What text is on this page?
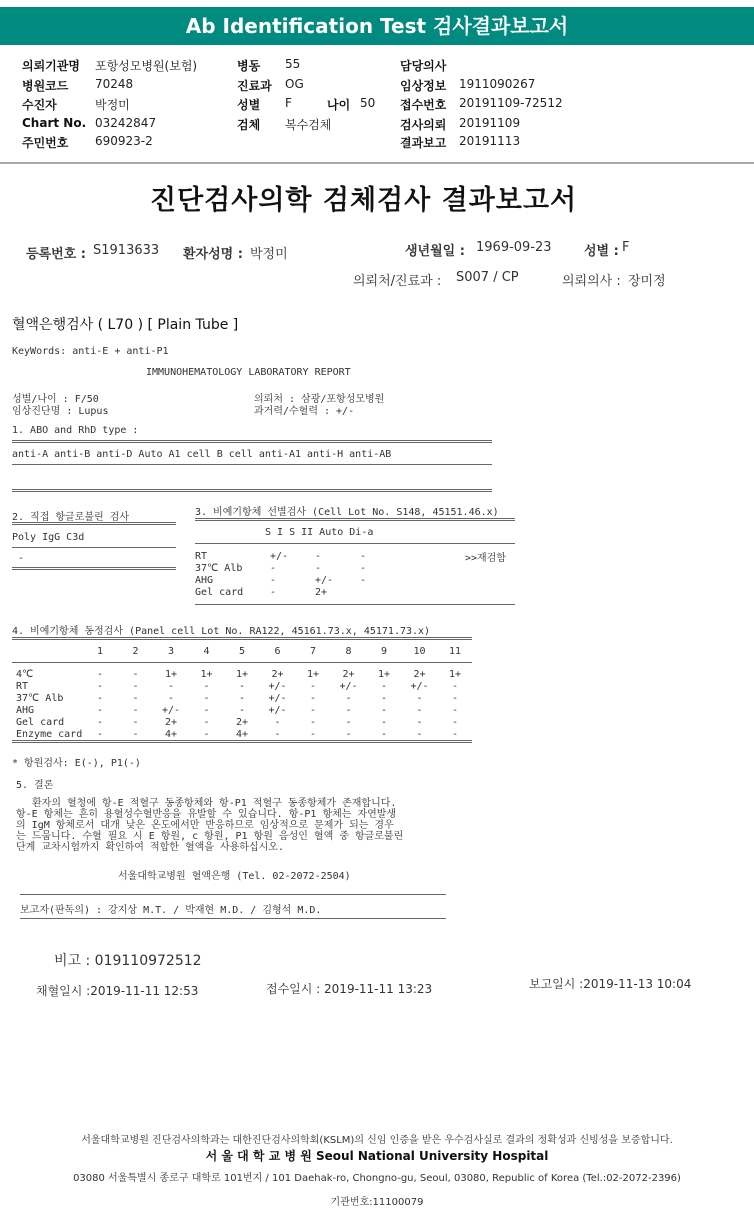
Ab Identification Test 검사결과보고서
의뢰기관명 포항성모병원(보험)
병원코드 70248
수진자	박정미
Chart No. 03242847
주민번호 690923-2
병동 55
진료과 OG
성별 F	나이 50
검체 복수검체
담당의사
임상정보 1911090267
접수번호 20191109-72512
검사의뢰 20191109
결과보고 20191113
진단검사의학 검체검사 결과보고서
등록번호 : S1913633 환자성명 : 박정미	생년월일 : 1969-09-23 성별 : F
의뢰처/진료과 : S007 / CP	의뢰의사 : 장미정
혈액은행검사 ( L70 ) [ Plain Tube ]
KeyWords: anti-E + anti-P1
IMMUNOHEMATOLOGY LABORATORY REPORT
성별/나이 : F/50
임상진단명 : Lupus
의뢰처 : 삼광/포항성모병원
과거력/수혈력 : +/-
1. ABO and RhD type :
anti-A anti-B anti-D Auto A1 cell B cell anti-A1 anti-H anti-AB
2. 직접 항글로불린 검사
Poly IgG C3d
-
3. 비예기항체 선별검사 (Cell Lot No. S148, 45151.46.x)
S I S II Auto Di-a
RT	+/-	-	-
37℃ Alb	-	-	-
AHG	-	+/-	-
Gel card	-	2+
>>재검함
4. 비예기항체 동정검사 (Panel cell Lot No. RA122, 45161.73.x, 45171.73.x)
1	2	3	4	5	6	7	8	9	10	11
4℃	-	-	1+	1+	1+	2+	1+	2+	1+	2+	1+
RT	-	-	-	-	-	+/-	-	+/-	-	+/-	-
37℃ Alb	-	-	-	-	-	+/-	-	-	-	-	-
AHG	-	-	+/-	-	-	+/-	-	-	-	-	-
Gel card	-	-	2+	-	2+	-	-	-	-	-	-
Enzyme card	-	-	4+	-	4+	-	-	-	-	-	-
* 항원검사: E(-), P1(-)
5. 결론
환자의 혈청에 항-E 적혈구 동종항체와 항-P1 적혈구 동종항체가 존재합니다.
항-E 항체는 흔히 용혈성수혈반응을 유발할 수 있습니다. 항-P1 항체는 자연발생
의 IgM 항체로서 대개 낮은 온도에서만 반응하므로 임상적으로 문제가 되는 경우
는 드뭅니다. 수혈 필요 시 E 항원, c 항원, P1 항원 음성인 혈액 중 항글로불린
단계 교차시험까지 확인하여 적합한 혈액을 사용하십시오.
서울대학교병원 혈액은행 (Tel. 02-2072-2504)
보고자(판독의) : 강지상 M.T. / 박재현 M.D. / 김형석 M.D.
비고 : 019110972512
채혈일시 :2019-11-11 12:53	접수일시 : 2019-11-11 13:23	보고일시 :2019-11-13 10:04
서울대학교병원 진단검사의학과는 대한진단검사의학회(KSLM)의 신임 인증을 받은 우수검사실로 결과의 정확성과 신빙성을 보증합니다.
서 울 대 학 교 병 원 Seoul National University Hospital
03080 서울특별시 종로구 대학로 101번지 / 101 Daehak-ro, Chongno-gu, Seoul, 03080, Republic of Korea (Tel.:02-2072-2396)
기관번호:11100079
